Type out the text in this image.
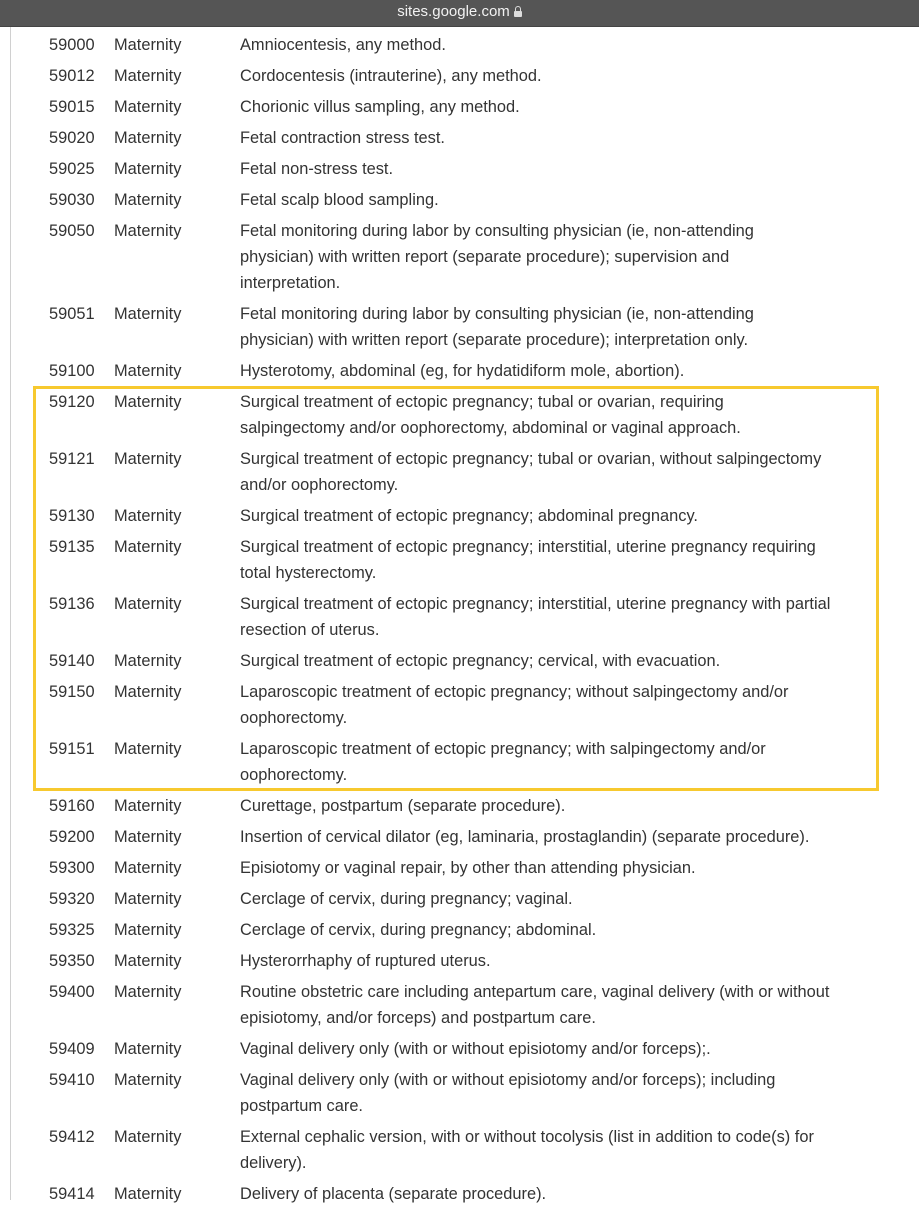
sites.google.com
59000 Maternity	Amniocentesis, any method.
59012 Maternity	Cordocentesis (intrauterine), any method.
59015 Maternity	Chorionic villus sampling, any method.
59020 Maternity	Fetal contraction stress test.
59025 Maternity	Fetal non-stress test.
59030 Maternity	Fetal scalp blood sampling.
59050 Maternity	Fetal monitoring during labor by consulting physician (ie, non-attending
physician) with written report (separate procedure); supervision and
interpretation.
59051 Maternity	Fetal monitoring during labor by consulting physician (ie, non-attending
physician) with written report (separate procedure); interpretation only.
59100 Maternity	Hysterotomy, abdominal (eg, for hydatidiform mole, abortion).
59120 Maternity	Surgical treatment of ectopic pregnancy; tubal or ovarian, requiring
salpingectomy and/or oophorectomy, abdominal or vaginal approach.
59121 Maternity	Surgical treatment of ectopic pregnancy; tubal or ovarian, without salpingectomy
and/or oophorectomy.
59130 Maternity	Surgical treatment of ectopic pregnancy; abdominal pregnancy.
59135 Maternity	Surgical treatment of ectopic pregnancy; interstitial, uterine pregnancy requiring
total hysterectomy.
59136 Maternity	Surgical treatment of ectopic pregnancy; interstitial, uterine pregnancy with partial
resection of uterus.
59140 Maternity	Surgical treatment of ectopic pregnancy; cervical, with evacuation.
59150 Maternity	Laparoscopic treatment of ectopic pregnancy; without salpingectomy and/or
oophorectomy.
59151 Maternity	Laparoscopic treatment of ectopic pregnancy; with salpingectomy and/or
oophorectomy.
59160 Maternity	Curettage, postpartum (separate procedure).
59200 Maternity	Insertion of cervical dilator (eg, laminaria, prostaglandin) (separate procedure).
59300 Maternity	Episiotomy or vaginal repair, by other than attending physician.
59320 Maternity	Cerclage of cervix, during pregnancy; vaginal.
59325 Maternity	Cerclage of cervix, during pregnancy; abdominal.
59350 Maternity	Hysterorrhaphy of ruptured uterus.
59400 Maternity	Routine obstetric care including antepartum care, vaginal delivery (with or without
episiotomy, and/or forceps) and postpartum care.
59409 Maternity	Vaginal delivery only (with or without episiotomy and/or forceps);.
59410 Maternity	Vaginal delivery only (with or without episiotomy and/or forceps); including
postpartum care.
59412 Maternity	External cephalic version, with or without tocolysis (list in addition to code(s) for
delivery).
59414 Maternity	Delivery of placenta (separate procedure).
